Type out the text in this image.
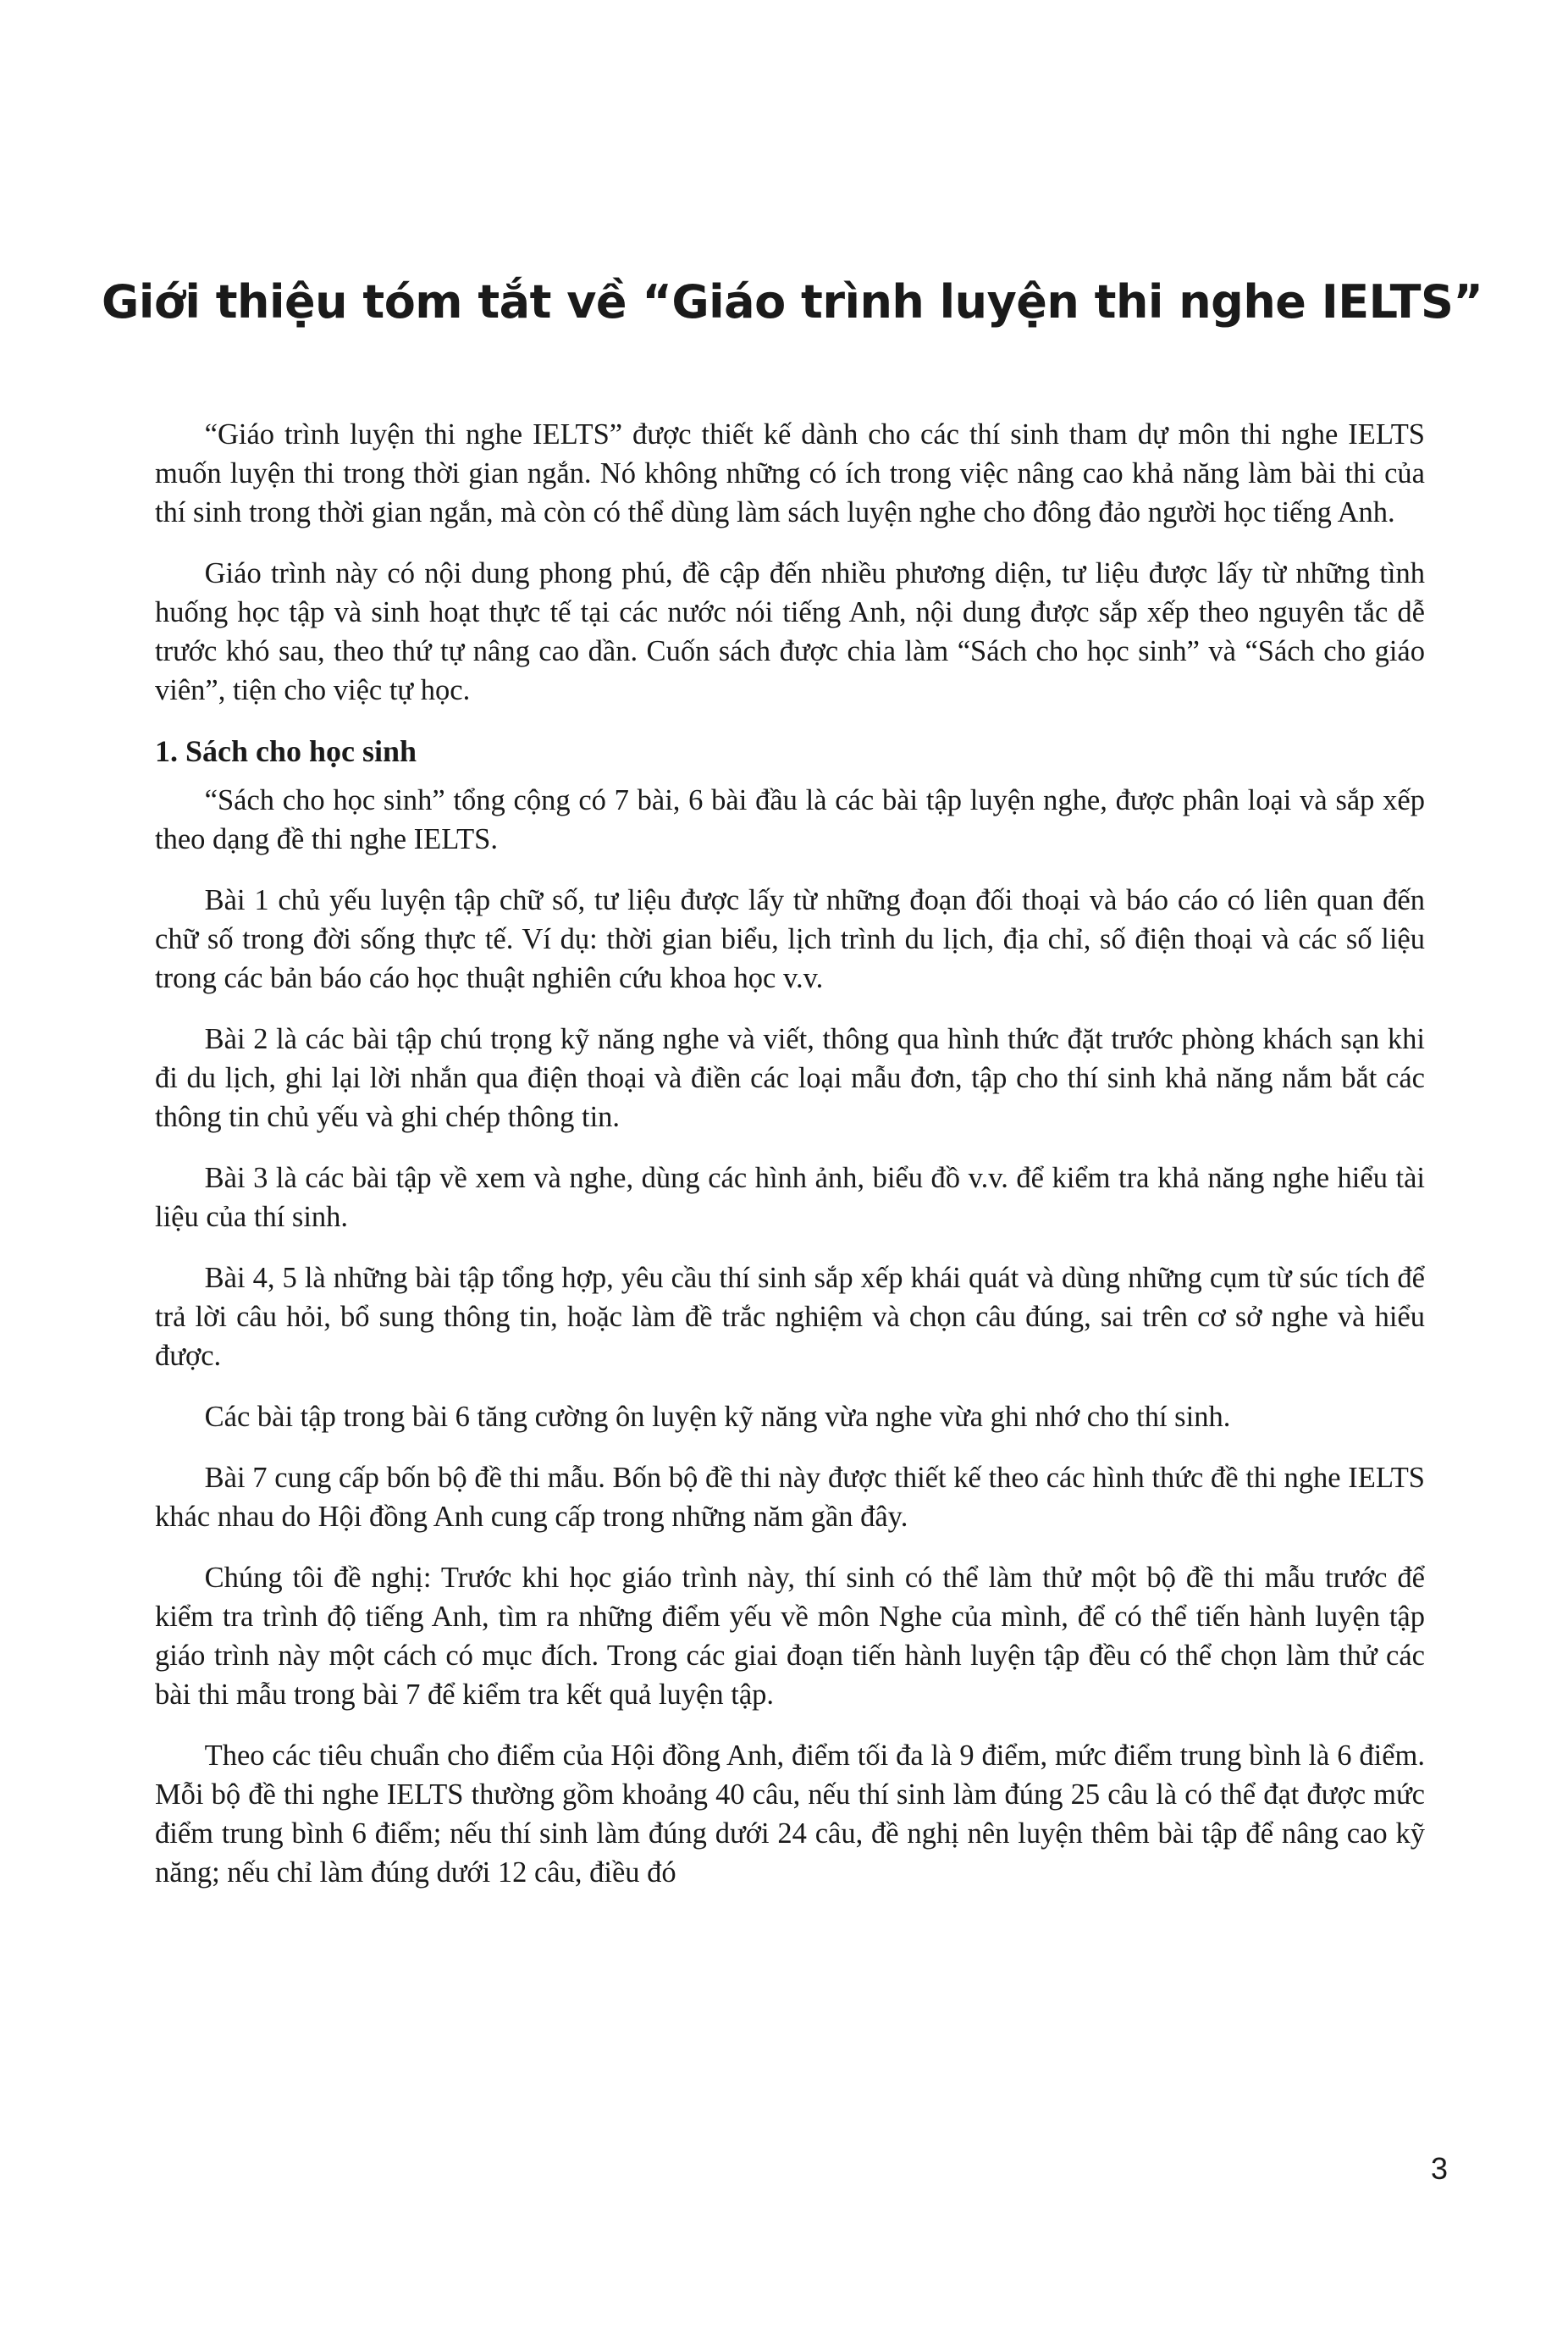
Giới thiệu tóm tắt về “Giáo trình luyện thi nghe IELTS”

“Giáo trình luyện thi nghe IELTS” được thiết kế dành cho các thí sinh tham dự môn thi nghe IELTS muốn luyện thi trong thời gian ngắn. Nó không những có ích trong việc nâng cao khả năng làm bài thi của thí sinh trong thời gian ngắn, mà còn có thể dùng làm sách luyện nghe cho đông đảo người học tiếng Anh.

Giáo trình này có nội dung phong phú, đề cập đến nhiều phương diện, tư liệu được lấy từ những tình huống học tập và sinh hoạt thực tế tại các nước nói tiếng Anh, nội dung được sắp xếp theo nguyên tắc dễ trước khó sau, theo thứ tự nâng cao dần. Cuốn sách được chia làm “Sách cho học sinh” và “Sách cho giáo viên”, tiện cho việc tự học.

1. Sách cho học sinh

“Sách cho học sinh” tổng cộng có 7 bài, 6 bài đầu là các bài tập luyện nghe, được phân loại và sắp xếp theo dạng đề thi nghe IELTS.

Bài 1 chủ yếu luyện tập chữ số, tư liệu được lấy từ những đoạn đối thoại và báo cáo có liên quan đến chữ số trong đời sống thực tế. Ví dụ: thời gian biểu, lịch trình du lịch, địa chỉ, số điện thoại và các số liệu trong các bản báo cáo học thuật nghiên cứu khoa học v.v.

Bài 2 là các bài tập chú trọng kỹ năng nghe và viết, thông qua hình thức đặt trước phòng khách sạn khi đi du lịch, ghi lại lời nhắn qua điện thoại và điền các loại mẫu đơn, tập cho thí sinh khả năng nắm bắt các thông tin chủ yếu và ghi chép thông tin.

Bài 3 là các bài tập về xem và nghe, dùng các hình ảnh, biểu đồ v.v. để kiểm tra khả năng nghe hiểu tài liệu của thí sinh.

Bài 4, 5 là những bài tập tổng hợp, yêu cầu thí sinh sắp xếp khái quát và dùng những cụm từ súc tích để trả lời câu hỏi, bổ sung thông tin, hoặc làm đề trắc nghiệm và chọn câu đúng, sai trên cơ sở nghe và hiểu được.

Các bài tập trong bài 6 tăng cường ôn luyện kỹ năng vừa nghe vừa ghi nhớ cho thí sinh.

Bài 7 cung cấp bốn bộ đề thi mẫu. Bốn bộ đề thi này được thiết kế theo các hình thức đề thi nghe IELTS khác nhau do Hội đồng Anh cung cấp trong những năm gần đây.

Chúng tôi đề nghị: Trước khi học giáo trình này, thí sinh có thể làm thử một bộ đề thi mẫu trước để kiểm tra trình độ tiếng Anh, tìm ra những điểm yếu về môn Nghe của mình, để có thể tiến hành luyện tập giáo trình này một cách có mục đích. Trong các giai đoạn tiến hành luyện tập đều có thể chọn làm thử các bài thi mẫu trong bài 7 để kiểm tra kết quả luyện tập.

Theo các tiêu chuẩn cho điểm của Hội đồng Anh, điểm tối đa là 9 điểm, mức điểm trung bình là 6 điểm. Mỗi bộ đề thi nghe IELTS thường gồm khoảng 40 câu, nếu thí sinh làm đúng 25 câu là có thể đạt được mức điểm trung bình 6 điểm; nếu thí sinh làm đúng dưới 24 câu, đề nghị nên luyện thêm bài tập để nâng cao kỹ năng; nếu chỉ làm đúng dưới 12 câu, điều đó

3
